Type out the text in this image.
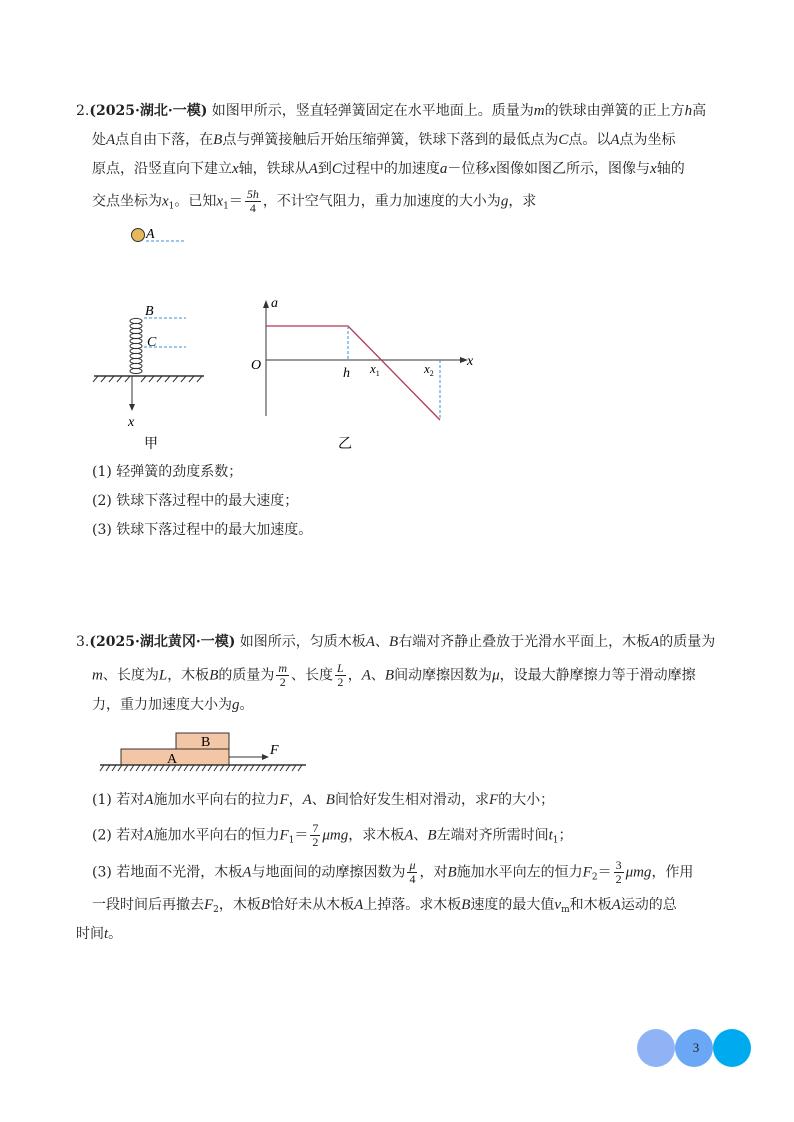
2.(2025·湖北·一模) 如图甲所示，竖直轻弹簧固定在水平地面上。质量为m的铁球由弹簧的正上方h高
处A点自由下落，在B点与弹簧接触后开始压缩弹簧，铁球下落到的最低点为C点。以A点为坐标
原点，沿竖直向下建立x轴，铁球从A到C过程中的加速度a－位移x图像如图乙所示，图像与x轴的
交点坐标为$x_1$。已知$x_1= \frac{5h}{4}$ ，不计空气阻力，重力加速度的大小为g，求
A
B
C
x
甲
a
x
O
h $x_1$	$x_2$
乙
(1) 轻弹簧的劲度系数；
(2) 铁球下落过程中的最大速度；
(3) 铁球下落过程中的最大加速度。
3.(2025·湖北黄冈·一模) 如图所示，匀质木板A、B右端对齐静止叠放于光滑水平面上，木板A的质量为
m、长度为L，木板B的质量为 $\frac{m}{2}$ 、长度 $\frac{L}{2}$ ，A、B间动摩擦因数为μ，设最大静摩擦力等于滑动摩擦
力，重力加速度大小为g。
A
B
F
(1) 若对A施加水平向右的拉力F，A、B间恰好发生相对滑动，求F的大小；
(2) 若对A施加水平向右的恒力$F_1= \frac{7}{2}$ μmg，求木板A、B左端对齐所需时间$t_1$；
(3) 若地面不光滑，木板A与地面间的动摩擦因数为 $\frac{\mu}{4}$ ，对B施加水平向左的恒力$F_2= \frac{3}{2}$ μmg，作用
一段时间后再撤去$F_2$，木板B恰好未从木板A上掉落。求木板B速度的最大值$v_m$和木板A运动的总
时间t。
3
